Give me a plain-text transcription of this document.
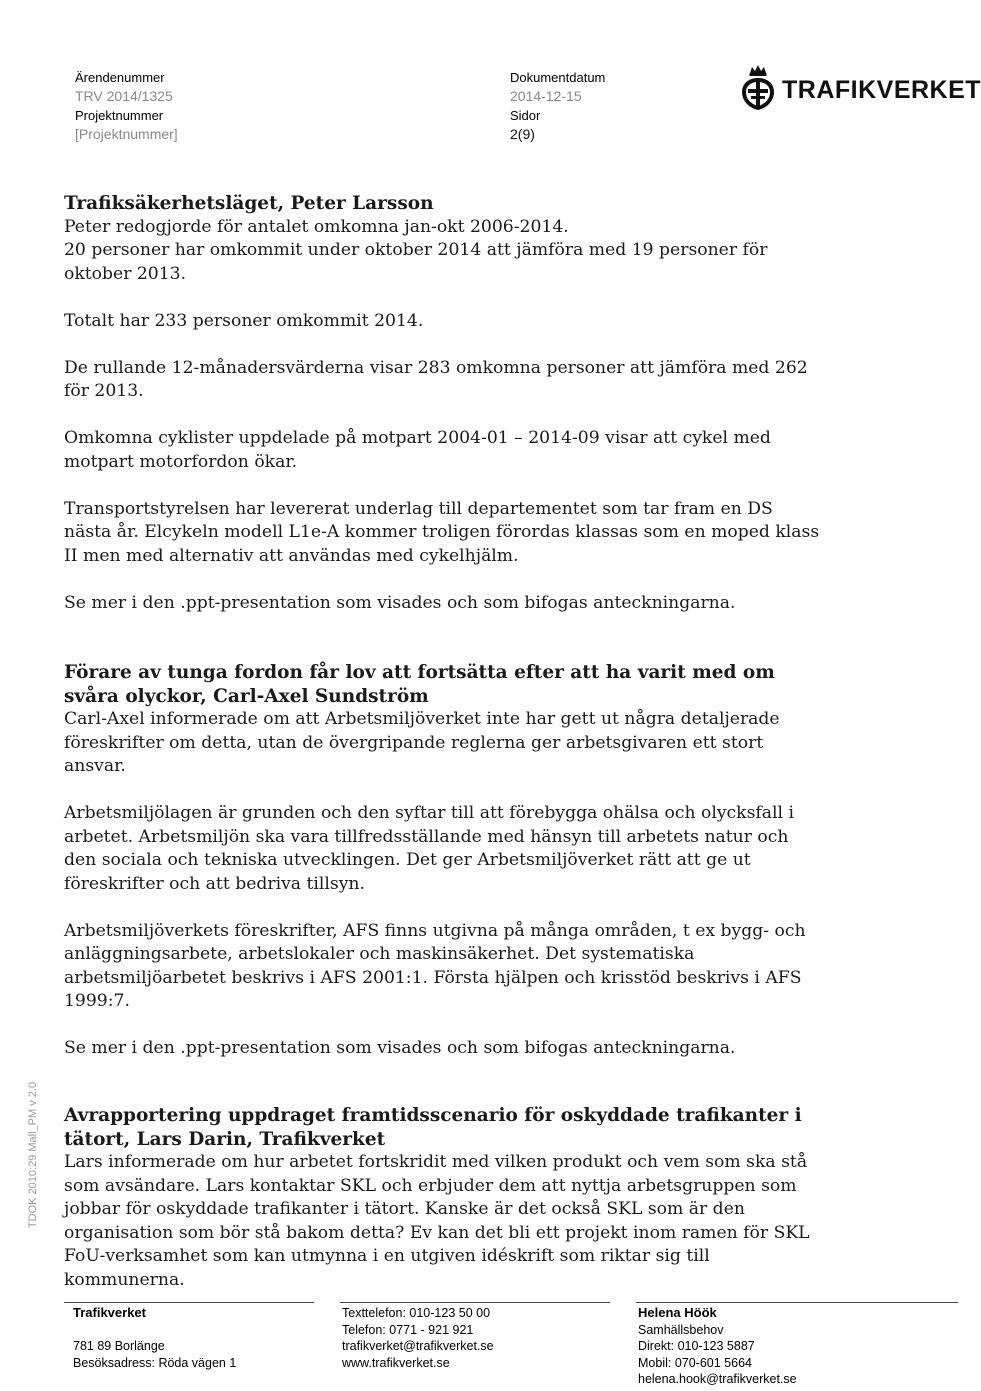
Ärendenummer
TRV 2014/1325
Projektnummer
[Projektnummer]
Dokumentdatum
2014-12-15
Sidor
2(9)
TRAFIKVERKET
Trafiksäkerhetsläget, Peter Larsson

Peter redogjorde för antalet omkomna jan-okt 2006-2014.

20 personer har omkommit under oktober 2014 att jämföra med 19 personer för oktober 2013.

Totalt har 233 personer omkommit 2014.

De rullande 12-månadersvärderna visar 283 omkomna personer att jämföra med 262 för 2013.

Omkomna cyklister uppdelade på motpart 2004-01 – 2014-09 visar att cykel med motpart motorfordon ökar.

Transportstyrelsen har levererat underlag till departementet som tar fram en DS nästa år. Elcykeln modell L1e-A kommer troligen förordas klassas som en moped klass II men med alternativ att användas med cykelhjälm.

Se mer i den .ppt-presentation som visades och som bifogas anteckningarna.

Förare av tunga fordon får lov att fortsätta efter att ha varit med om svåra olyckor, Carl-Axel Sundström

Carl-Axel informerade om att Arbetsmiljöverket inte har gett ut några detaljerade föreskrifter om detta, utan de övergripande reglerna ger arbetsgivaren ett stort ansvar.

Arbetsmiljölagen är grunden och den syftar till att förebygga ohälsa och olycksfall i arbetet. Arbetsmiljön ska vara tillfredsställande med hänsyn till arbetets natur och den sociala och tekniska utvecklingen. Det ger Arbetsmiljöverket rätt att ge ut föreskrifter och att bedriva tillsyn.

Arbetsmiljöverkets föreskrifter, AFS finns utgivna på många områden, t ex bygg- och anläggningsarbete, arbetslokaler och maskinsäkerhet. Det systematiska arbetsmiljöarbetet beskrivs i AFS 2001:1. Första hjälpen och krisstöd beskrivs i AFS 1999:7.

Se mer i den .ppt-presentation som visades och som bifogas anteckningarna.

Avrapportering uppdraget framtidsscenario för oskyddade trafikanter i tätort, Lars Darin, Trafikverket

Lars informerade om hur arbetet fortskridit med vilken produkt och vem som ska stå som avsändare. Lars kontaktar SKL och erbjuder dem att nyttja arbetsgruppen som jobbar för oskyddade trafikanter i tätort. Kanske är det också SKL som är den organisation som bör stå bakom detta? Ev kan det bli ett projekt inom ramen för SKL FoU-verksamhet som kan utmynna i en utgiven idéskrift som riktar sig till kommunerna.

TDOK 2010:29 Mall_PM v 2.0
Trafikverket
781 89 Borlänge
Besöksadress: Röda vägen 1
Texttelefon: 010-123 50 00
Telefon: 0771 - 921 921
trafikverket@trafikverket.se
www.trafikverket.se
Helena Höök
Samhällsbehov
Direkt: 010-123 5887
Mobil: 070-601 5664
helena.hook@trafikverket.se
